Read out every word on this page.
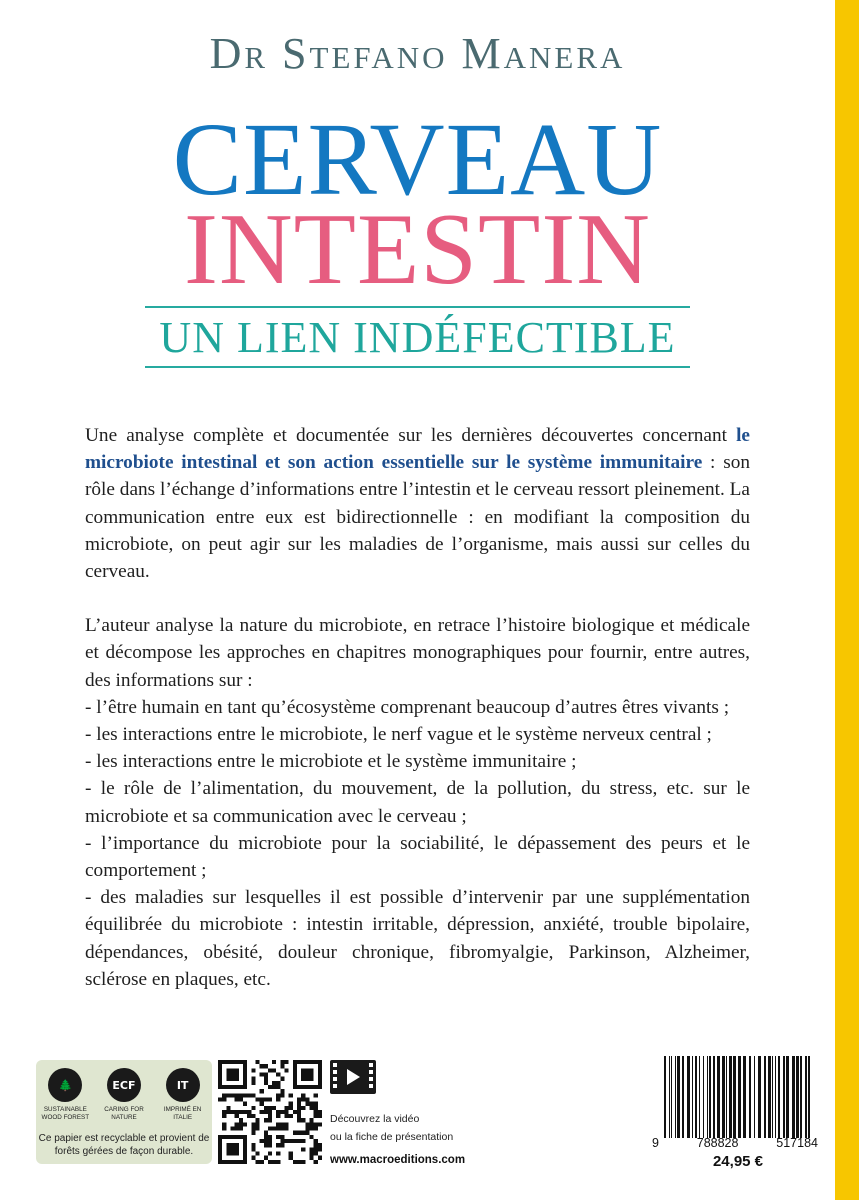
Dr Stefano Manera
CERVEAU
INTESTIN
UN LIEN INDÉFECTIBLE

Une analyse complète et documentée sur les dernières découvertes concernant le microbiote intestinal et son action essentielle sur le système immunitaire : son rôle dans l’échange d’informations entre l’intestin et le cerveau ressort pleinement. La communication entre eux est bidirectionnelle : en modifiant la composition du microbiote, on peut agir sur les maladies de l’organisme, mais aussi sur celles du cerveau.

L’auteur analyse la nature du microbiote, en retrace l’histoire biologique et médicale et décompose les approches en chapitres monographiques pour fournir, entre autres, des informations sur :

- l’être humain en tant qu’écosystème comprenant beaucoup d’autres êtres vivants ;

- les interactions entre le microbiote, le nerf vague et le système nerveux central ;

- les interactions entre le microbiote et le système immunitaire ;

- le rôle de l’alimentation, du mouvement, de la pollution, du stress, etc. sur le microbiote et sa communication avec le cerveau ;

- l’importance du microbiote pour la sociabilité, le dépassement des peurs et le comportement ;

- des maladies sur lesquelles il est possible d’intervenir par une supplémentation équilibrée du microbiote : intestin irritable, dépression, anxiété, trouble bipolaire, dépendances, obésité, douleur chronique, fibromyalgie, Parkinson, Alzheimer, sclérose en plaques, etc.

🌲	ECF	IT
SUSTAINABLE WOOD FOREST
CARING FOR NATURE
IMPRIMÉ EN ITALIE
Ce papier est recyclable et provient de forêts gérées de façon durable.
Découvrez la vidéo
ou la fiche de présentation
www.macroeditions.com
9	788828	517184
24,95 €
